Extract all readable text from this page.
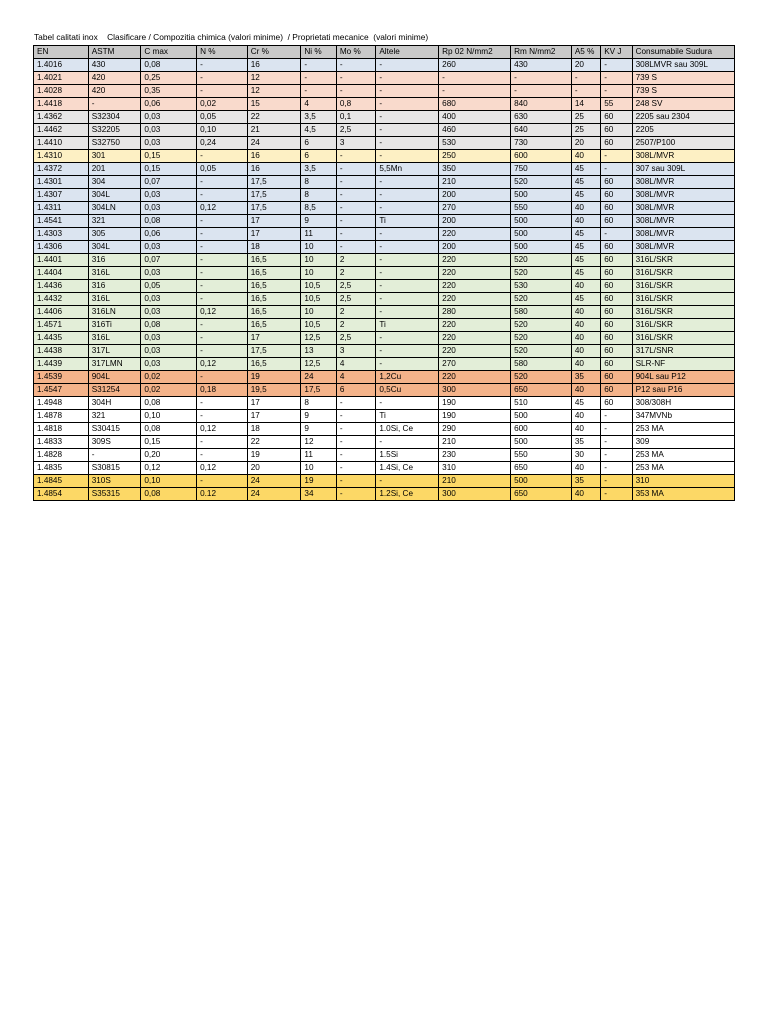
Tabel calitati inox    Clasificare / Compozitia chimica (valori minime)  / Proprietati mecanice  (valori minime)
EN	ASTM	C max	N %	Cr %	Ni %	Mo %	Altele	Rp 02 N/mm2	Rm N/mm2	A5 %	KV J	Consumabile Sudura
1.4016	430	0,08	-	16	-	-	-	260	430	20	-	308LMVR sau 309L
1.4021	420	0,25	-	12	-	-	-	-	-	-	-	739 S
1.4028	420	0,35	-	12	-	-	-	-	-	-	-	739 S
1.4418	-	0,06	0,02	15	4	0,8	-	680	840	14	55	248 SV
1.4362	S32304	0,03	0,05	22	3,5	0,1	-	400	630	25	60	2205 sau 2304
1.4462	S32205	0,03	0,10	21	4,5	2,5	-	460	640	25	60	2205
1.4410	S32750	0,03	0,24	24	6	3	-	530	730	20	60	2507/P100
1.4310	301	0,15	-	16	6	-	-	250	600	40	-	308L/MVR
1.4372	201	0,15	0,05	16	3,5	-	5,5Mn	350	750	45	-	307 sau 309L
1.4301	304	0,07	-	17,5	8	-	-	210	520	45	60	308L/MVR
1.4307	304L	0,03	-	17,5	8	-	-	200	500	45	60	308L/MVR
1.4311	304LN	0,03	0,12	17,5	8,5	-	-	270	550	40	60	308L/MVR
1.4541	321	0,08	-	17	9	-	Ti	200	500	40	60	308L/MVR
1.4303	305	0,06	-	17	11	-	-	220	500	45	-	308L/MVR
1.4306	304L	0,03	-	18	10	-	-	200	500	45	60	308L/MVR
1.4401	316	0,07	-	16,5	10	2	-	220	520	45	60	316L/SKR
1.4404	316L	0,03	-	16,5	10	2	-	220	520	45	60	316L/SKR
1.4436	316	0,05	-	16,5	10,5	2,5	-	220	530	40	60	316L/SKR
1.4432	316L	0,03	-	16,5	10,5	2,5	-	220	520	45	60	316L/SKR
1.4406	316LN	0,03	0,12	16,5	10	2	-	280	580	40	60	316L/SKR
1.4571	316Ti	0,08	-	16,5	10,5	2	Ti	220	520	40	60	316L/SKR
1.4435	316L	0,03	-	17	12,5	2,5	-	220	520	40	60	316L/SKR
1.4438	317L	0,03	-	17,5	13	3	-	220	520	40	60	317L/SNR
1.4439	317LMN	0,03	0,12	16,5	12,5	4	-	270	580	40	60	SLR-NF
1.4539	904L	0,02	-	19	24	4	1,2Cu	220	520	35	60	904L sau P12
1.4547	S31254	0,02	0,18	19,5	17,5	6	0,5Cu	300	650	40	60	P12 sau P16
1.4948	304H	0,08	-	17	8	-	-	190	510	45	60	308/308H
1.4878	321	0,10	-	17	9	-	Ti	190	500	40	-	347MVNb
1.4818	S30415	0,08	0,12	18	9	-	1.0Si, Ce	290	600	40	-	253 MA
1.4833	309S	0,15	-	22	12	-	-	210	500	35	-	309
1.4828	-	0,20	-	19	11	-	1.5Si	230	550	30	-	253 MA
1.4835	S30815	0,12	0,12	20	10	-	1.4Si, Ce	310	650	40	-	253 MA
1.4845	310S	0,10	-	24	19	-	-	210	500	35	-	310
1.4854	S35315	0,08	0.12	24	34	-	1.2Si, Ce	300	650	40	-	353 MA
